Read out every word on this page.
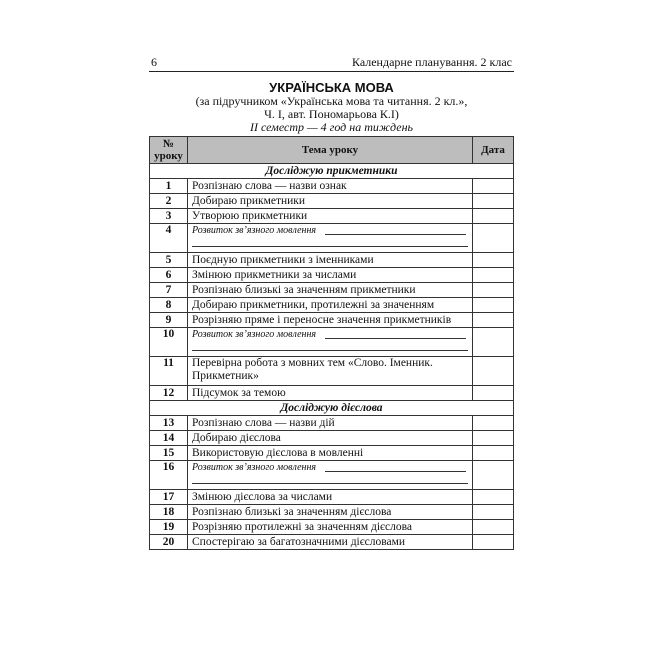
6	Календарне планування. 2 клас
УКРАЇНСЬКА МОВА
(за підручником «Українська мова та читання. 2 кл.»,
Ч. І, авт. Пономарьова К.І)
ІІ семестр — 4 год на тиждень
№ уроку	Тема уроку	Дата
Досліджую прикметники		
1	Розпізнаю слова — назви ознак	
2	Добираю прикметники	
3	Утворюю прикметники	
4	Розвиток зв’язного мовлення	

5	Поєдную прикметники з іменниками	
6	Змінюю прикметники за числами	
7	Розпізнаю близькі за значенням прикметники	
8	Добираю прикметники, протилежні за значенням	
9	Розрізняю пряме і переносне значення прикметників	
10	Розвиток зв’язного мовлення	

11	Перевірна робота з мовних тем «Слово. Іменник. Прикметник»	
12	Підсумок за темою	
Досліджую дієслова		
13	Розпізнаю слова — назви дій	
14	Добираю дієслова	
15	Використовую дієслова в мовленні	
16	Розвиток зв’язного мовлення	

17	Змінюю дієслова за числами	
18	Розпізнаю близькі за значенням дієслова	
19	Розрізняю протилежні за значенням дієслова	
20	Спостерігаю за багатозначними дієсловами	
